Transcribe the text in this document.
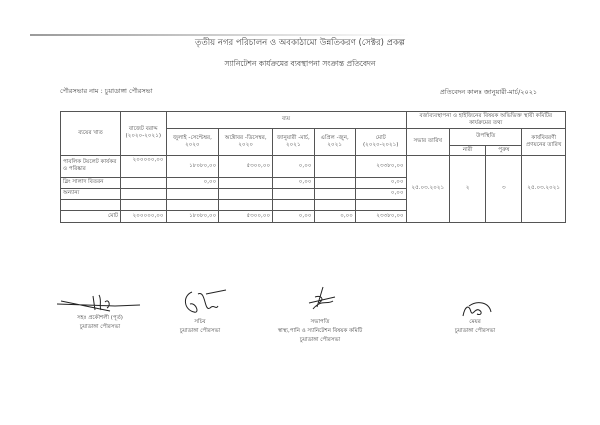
তৃতীয় নগর পরিচালন ও অবকাঠামো উন্নতিকরণ (সেক্টর) প্রকল্প
স্যানিটেশন কার্যক্রমের ব্যবস্থাপনা সংক্রান্ত প্রতিবেদন
পৌরসভার নাম : চুয়াডাঙ্গা পৌরসভা	প্রতিবেদন কালঃ জানুয়ারী-মার্চ/২০২১
ব্যয়ের খাত	বাজেট বরাদ্দ (২০২০-২০২১)	ব্যয়					বর্জ্যব্যবস্থাপনা ও হাইজিনের বিষয়ক অভিভিক্ত স্থায়ী কমিটির কার্যক্রমের তথ্য			
		জুলাই -সেপ্টেম্বর, ২০২০	অক্টোবর -ডিসেম্বর, ২০২০	জানুয়ারী -মার্চ, ২০২১	এপ্রিল -জুন, ২০২১	মোট (২০২০-২০২১)	সভার তারিখ	উপস্থিতি		কার্যবিবরণী প্রণয়নের তারিখ
								নারী	পুরুষ	
পাবলিক টয়লেট কার্যকর ও পরিষ্কার	২০০০০০,০০	১৮০৮০,০০	৫৩০০,০০	০,০০		২৩৩৮০,০০	২৫.০৩.২০২১	২	৩	২৫.০৩.২০২১
ব্লিং সালাদ বিতরন		০,০০		০,০০		০,০০				
অন্যান্য						০,০০				

মোট	২০০০০০,০০	১৮০৮০,০০	৫৩০০,০০	০,০০	০,০০	২৩৩৮০,০০				
সহঃ প্রকৌশলী (পূর্ত)
চুয়াডাঙ্গা পৌরসভা
সচিব
চুয়াডাঙ্গা পৌরসভা
সভাপতি
স্বাস্থ্য,পানি ও স্যানিটেশন বিষয়ক কমিটি
চুয়াডাঙ্গা পৌরসভা
মেয়র
চুয়াডাঙ্গা পৌরসভা
